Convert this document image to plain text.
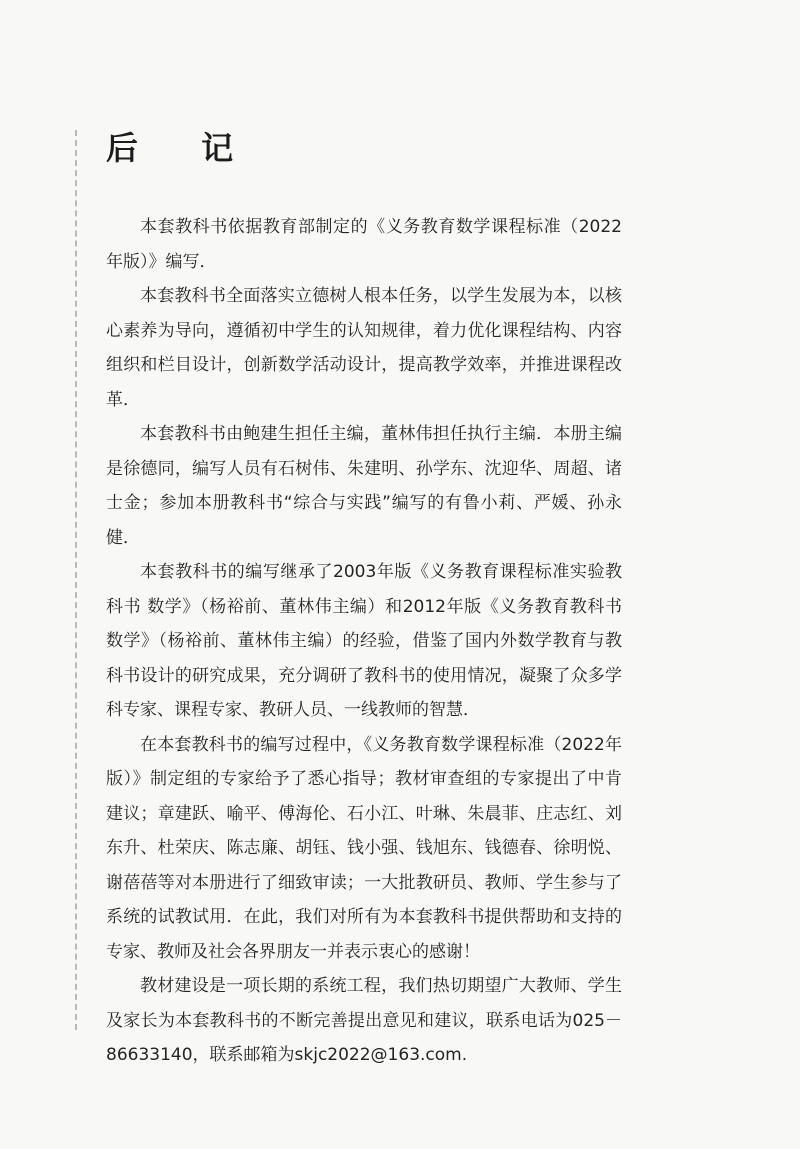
后 记

本套教科书依据教育部制定的《义务教育数学课程标准（2022年版）》编写．

本套教科书全面落实立德树人根本任务，以学生发展为本，以核心素养为导向，遵循初中学生的认知规律，着力优化课程结构、内容组织和栏目设计，创新数学活动设计，提高教学效率，并推进课程改革．

本套教科书由鲍建生担任主编，董林伟担任执行主编．本册主编是徐德同，编写人员有石树伟、朱建明、孙学东、沈迎华、周超、诸士金；参加本册教科书“综合与实践”编写的有鲁小莉、严媛、孙永健．

本套教科书的编写继承了2003年版《义务教育课程标准实验教科书 数学》（杨裕前、董林伟主编）和2012年版《义务教育教科书 数学》（杨裕前、董林伟主编）的经验，借鉴了国内外数学教育与教科书设计的研究成果，充分调研了教科书的使用情况，凝聚了众多学科专家、课程专家、教研人员、一线教师的智慧．

在本套教科书的编写过程中，《义务教育数学课程标准（2022年版）》制定组的专家给予了悉心指导；教材审查组的专家提出了中肯建议；章建跃、喻平、傅海伦、石小江、叶琳、朱晨菲、庄志红、刘东升、杜荣庆、陈志廉、胡钰、钱小强、钱旭东、钱德春、徐明悦、谢蓓蓓等对本册进行了细致审读；一大批教研员、教师、学生参与了系统的试教试用．在此，我们对所有为本套教科书提供帮助和支持的专家、教师及社会各界朋友一并表示衷心的感谢！

教材建设是一项长期的系统工程，我们热切期望广大教师、学生及家长为本套教科书的不断完善提出意见和建议，联系电话为025－86633140，联系邮箱为skjc2022@163.com.
